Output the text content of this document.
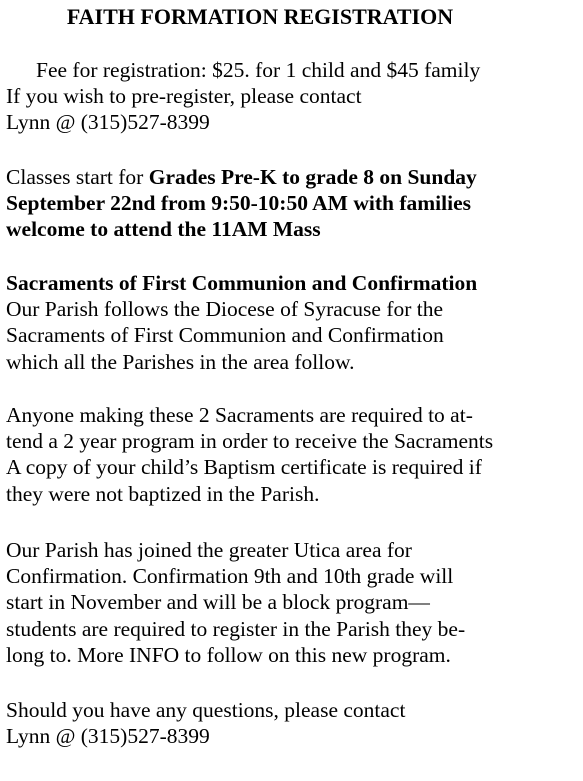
FAITH FORMATION REGISTRATION
Fee for registration: $25. for 1 child and $45 family
If you wish to pre-register, please contact
Lynn @ (315)527-8399
Classes start for Grades Pre-K to grade 8 on Sunday
September 22nd from 9:50-10:50 AM with families
welcome to attend the 11AM Mass
Sacraments of First Communion and Confirmation
Our Parish follows the Diocese of Syracuse for the
Sacraments of First Communion and Confirmation
which all the Parishes in the area follow.
Anyone making these 2 Sacraments are required to at-
tend a 2 year program in order to receive the Sacraments
A copy of your child’s Baptism certificate is required if
they were not baptized in the Parish.
Our Parish has joined the greater Utica area for
Confirmation. Confirmation 9th and 10th grade will
start in November and will be a block program—
students are required to register in the Parish they be-
long to. More INFO to follow on this new program.
Should you have any questions, please contact
Lynn @ (315)527-8399
